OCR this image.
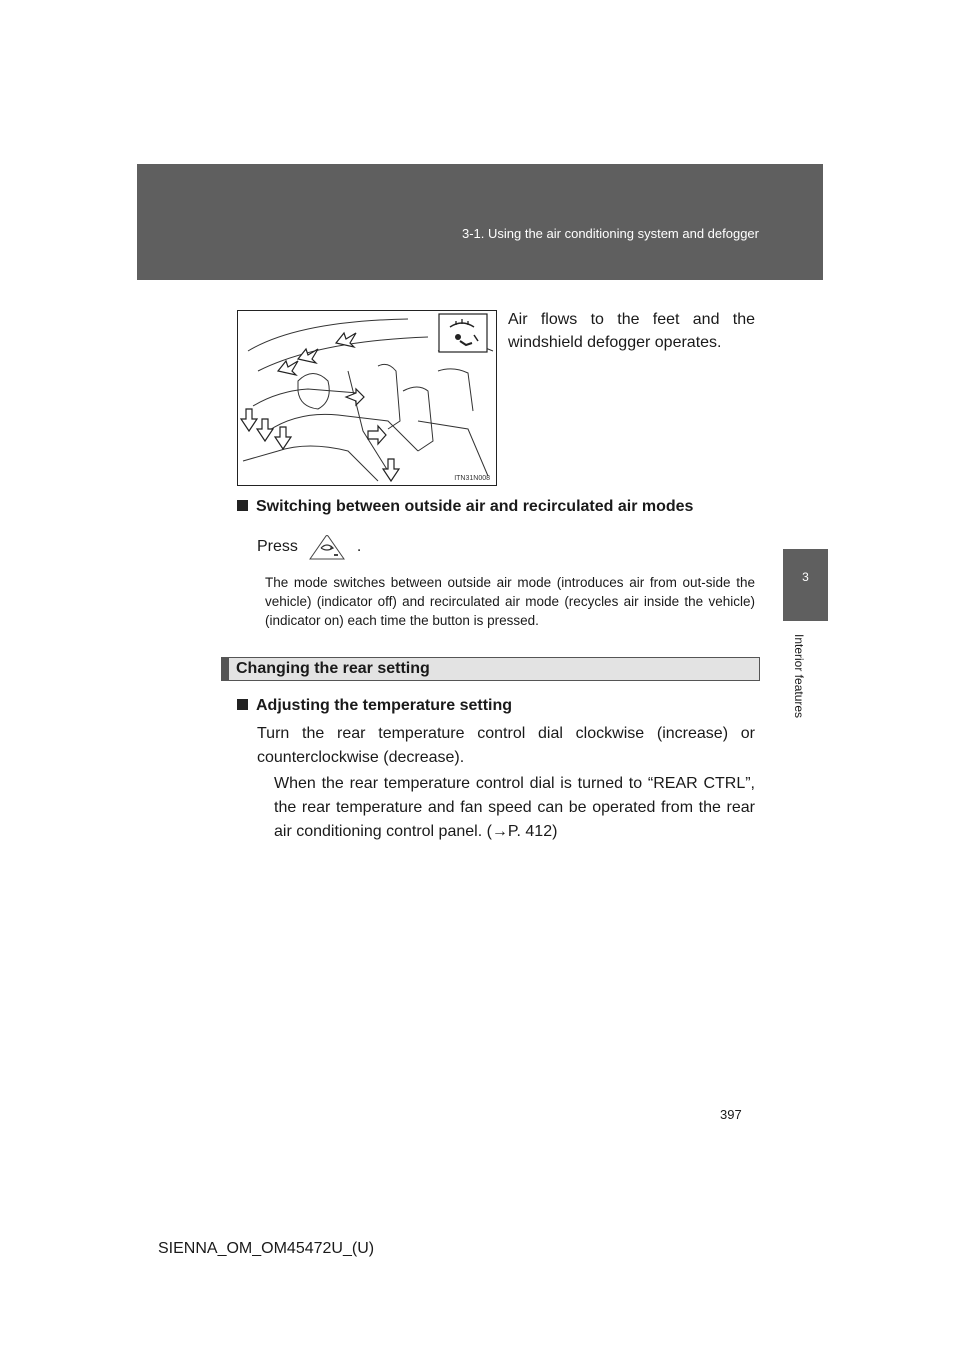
3-1. Using the air conditioning system and defogger
3
Interior features
ITN31N008
Air flows to the feet and the windshield defogger operates.
Switching between outside air and recirculated air modes
Press	.
The mode switches between outside air mode (introduces air from out-side the vehicle) (indicator off) and recirculated air mode (recycles air inside the vehicle) (indicator on) each time the button is pressed.
Changing the rear setting
Adjusting the temperature setting
Turn the rear temperature control dial clockwise (increase) or counterclockwise (decrease).
When the rear temperature control dial is turned to “REAR CTRL”, the rear temperature and fan speed can be operated from the rear air conditioning control panel. (→P. 412)
397
SIENNA_OM_OM45472U_(U)
